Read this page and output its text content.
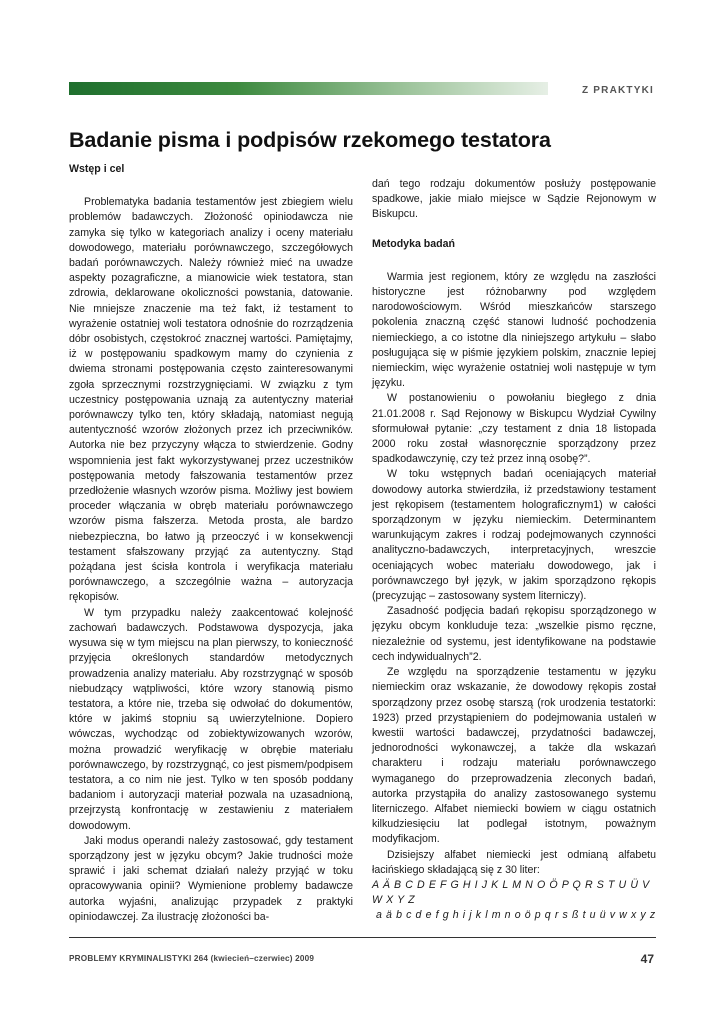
Z PRAKTYKI
Badanie pisma i podpisów rzekomego testatora
Wstęp i cel

Problematyka badania testamentów jest zbiegiem wielu problemów badawczych. Złożoność opiniodawcza nie zamyka się tylko w kategoriach analizy i oceny materiału dowodowego, materiału porównawczego, szczegółowych badań porównawczych. Należy również mieć na uwadze aspekty pozagraficzne, a mianowicie wiek testatora, stan zdrowia, deklarowane okoliczności powstania, datowanie. Nie mniejsze znaczenie ma też fakt, iż testament to wyrażenie ostatniej woli testatora odnośnie do rozrządzenia dóbr osobistych, częstokroć znacznej wartości. Pamiętajmy, iż w postępowaniu spadkowym mamy do czynienia z dwiema stronami postępowania często zainteresowanymi zgoła sprzecznymi rozstrzygnięciami. W związku z tym uczestnicy postępowania uznają za autentyczny materiał porównawczy tylko ten, który składają, natomiast negują autentyczność wzorów złożonych przez ich przeciwników. Autorka nie bez przyczyny włącza to stwierdzenie. Godny wspomnienia jest fakt wykorzystywanej przez uczestników postępowania metody fałszowania testamentów przez przedłożenie własnych wzorów pisma. Możliwy jest bowiem proceder włączania w obręb materiału porównawczego wzorów pisma fałszerza. Metoda prosta, ale bardzo niebezpieczna, bo łatwo ją przeoczyć i w konsekwencji testament sfałszowany przyjąć za autentyczny. Stąd pożądana jest ścisła kontrola i weryfikacja materiału porównawczego, a szczególnie ważna – autoryzacja rękopisów.

W tym przypadku należy zaakcentować kolejność zachowań badawczych. Podstawowa dyspozycja, jaka wysuwa się w tym miejscu na plan pierwszy, to konieczność przyjęcia określonych standardów metodycznych prowadzenia analizy materiału. Aby rozstrzygnąć w sposób niebudzący wątpliwości, które wzory stanowią pismo testatora, a które nie, trzeba się odwołać do dokumentów, które w jakimś stopniu są uwierzytelnione. Dopiero wówczas, wychodząc od zobiektywizowanych wzorów, można prowadzić weryfikację w obrębie materiału porównawczego, by rozstrzygnąć, co jest pismem/podpisem testatora, a co nim nie jest. Tylko w ten sposób poddany badaniom i autoryzacji materiał pozwala na uzasadnioną, przejrzystą konfrontację w zestawieniu z materiałem dowodowym.

Jaki modus operandi należy zastosować, gdy testament sporządzony jest w języku obcym? Jakie trudności może sprawić i jaki schemat działań należy przyjąć w toku opracowywania opinii? Wymienione problemy badawcze autorka wyjaśni, analizując przypadek z praktyki opiniodawczej. Za ilustrację złożoności ba-

dań tego rodzaju dokumentów posłuży postępowanie spadkowe, jakie miało miejsce w Sądzie Rejonowym w Biskupcu.

Metodyka badań

Warmia jest regionem, który ze względu na zaszłości historyczne jest różnobarwny pod względem narodowościowym. Wśród mieszkańców starszego pokolenia znaczną część stanowi ludność pochodzenia niemieckiego, a co istotne dla niniejszego artykułu – słabo posługująca się w piśmie językiem polskim, znacznie lepiej niemieckim, więc wyrażenie ostatniej woli następuje w tym języku.

W postanowieniu o powołaniu biegłego z dnia 21.01.2008 r. Sąd Rejonowy w Biskupcu Wydział Cywilny sformułował pytanie: „czy testament z dnia 18 listopada 2000 roku został własnoręcznie sporządzony przez spadkodawczynię, czy też przez inną osobę?”.

W toku wstępnych badań oceniających materiał dowodowy autorka stwierdziła, iż przedstawiony testament jest rękopisem (testamentem holograficznym1) w całości sporządzonym w języku niemieckim. Determinantem warunkującym zakres i rodzaj podejmowanych czynności analityczno-badawczych, interpretacyjnych, wreszcie oceniających wobec materiału dowodowego, jak i porównawczego był język, w jakim sporządzono rękopis (precyzując – zastosowany system literniczy).

Zasadność podjęcia badań rękopisu sporządzonego w języku obcym konkluduje teza: „wszelkie pismo ręczne, niezależnie od systemu, jest identyfikowane na podstawie cech indywidualnych”2.

Ze względu na sporządzenie testamentu w języku niemieckim oraz wskazanie, że dowodowy rękopis został sporządzony przez osobę starszą (rok urodzenia testatorki: 1923) przed przystąpieniem do podejmowania ustaleń w kwestii wartości badawczej, przydatności badawczej, jednorodności wykonawczej, a także dla wskazań charakteru i rodzaju materiału porównawczego wymaganego do przeprowadzenia zleconych badań, autorka przystąpiła do analizy zastosowanego systemu literniczego. Alfabet niemiecki bowiem w ciągu ostatnich kilkudziesięciu lat podlegał istotnym, poważnym modyfikacjom.

Dzisiejszy alfabet niemiecki jest odmianą alfabetu łacińskiego składającą się z 30 liter:

A Ä B C D E F G H I J K L M N O Ö P Q R S T U Ü V W X Y Z

a ä b c d e f g h i j k l m n o ö p q r s ß t u ü v w x y z

PROBLEMY KRYMINALISTYKI 264 (kwiecień–czerwiec) 2009	47
